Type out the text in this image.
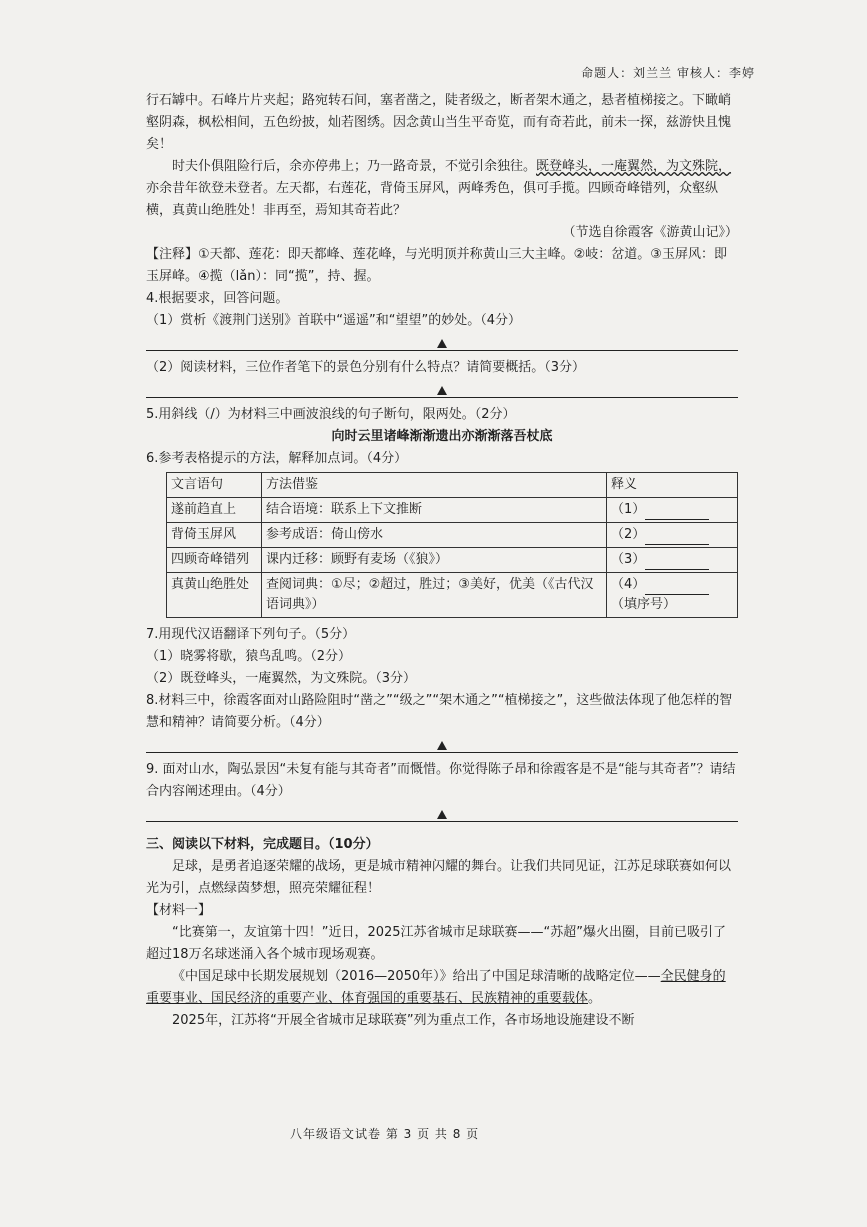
命题人：刘兰兰 审核人：李婷

行石罅中。石峰片片夹起；路宛转石间，塞者凿之，陡者级之，断者架木通之，悬者植梯接之。下瞰峭壑阴森，枫松相间，五色纷披，灿若图绣。因念黄山当生平奇览，而有奇若此，前未一探，兹游快且愧矣！

时夫仆俱阻险行后，余亦停弗上；乃一路奇景，不觉引余独往。既登峰头，一庵翼然，为文殊院，亦余昔年欲登未登者。左天都，右莲花，背倚玉屏风，两峰秀色，俱可手揽。四顾奇峰错列，众壑纵横，真黄山绝胜处！非再至，焉知其奇若此？

（节选自徐霞客《游黄山记》）

【注释】①天都、莲花：即天都峰、莲花峰，与光明顶并称黄山三大主峰。②岐：岔道。③玉屏风：即玉屏峰。④揽（lǎn）：同“揽”，持、握。

4.根据要求，回答问题。

（1）赏析《渡荆门送别》首联中“遥遥”和“望望”的妙处。（4分）

（2）阅读材料，三位作者笔下的景色分别有什么特点？请简要概括。（3分）

5.用斜线（/）为材料三中画波浪线的句子断句，限两处。（2分）

向时云里诸峰渐渐遗出亦渐渐落吾杖底

6.参考表格提示的方法，解释加点词。（4分）

文言语句	方法借鉴	释义
遂前趋直上	结合语境：联系上下文推断	（1）
背倚玉屏风	参考成语：倚山傍水	（2）
四顾奇峰错列	课内迁移：顾野有麦场（《狼》）	（3）
真黄山绝胜处	查阅词典：①尽；②超过，胜过；③美好，优美（《古代汉语词典》）	（4）（填序号）

7.用现代汉语翻译下列句子。（5分）

（1）晓雾将歇，猿鸟乱鸣。（2分）

（2）既登峰头，一庵翼然，为文殊院。（3分）

8.材料三中，徐霞客面对山路险阻时“凿之”“级之”“架木通之”“植梯接之”，这些做法体现了他怎样的智慧和精神？请简要分析。（4分）

9. 面对山水，陶弘景因“未复有能与其奇者”而慨惜。你觉得陈子昂和徐霞客是不是“能与其奇者”？请结合内容阐述理由。（4分）

三、阅读以下材料，完成题目。（10分）

足球，是勇者追逐荣耀的战场，更是城市精神闪耀的舞台。让我们共同见证，江苏足球联赛如何以光为引，点燃绿茵梦想，照亮荣耀征程！

【材料一】

“比赛第一，友谊第十四！”近日，2025江苏省城市足球联赛——“苏超”爆火出圈，目前已吸引了超过18万名球迷涌入各个城市现场观赛。

《中国足球中长期发展规划（2016—2050年）》给出了中国足球清晰的战略定位——全民健身的重要事业、国民经济的重要产业、体育强国的重要基石、民族精神的重要载体。

2025年，江苏将“开展全省城市足球联赛”列为重点工作，各市场地设施建设不断

八年级语文试卷 第 3 页 共 8 页
